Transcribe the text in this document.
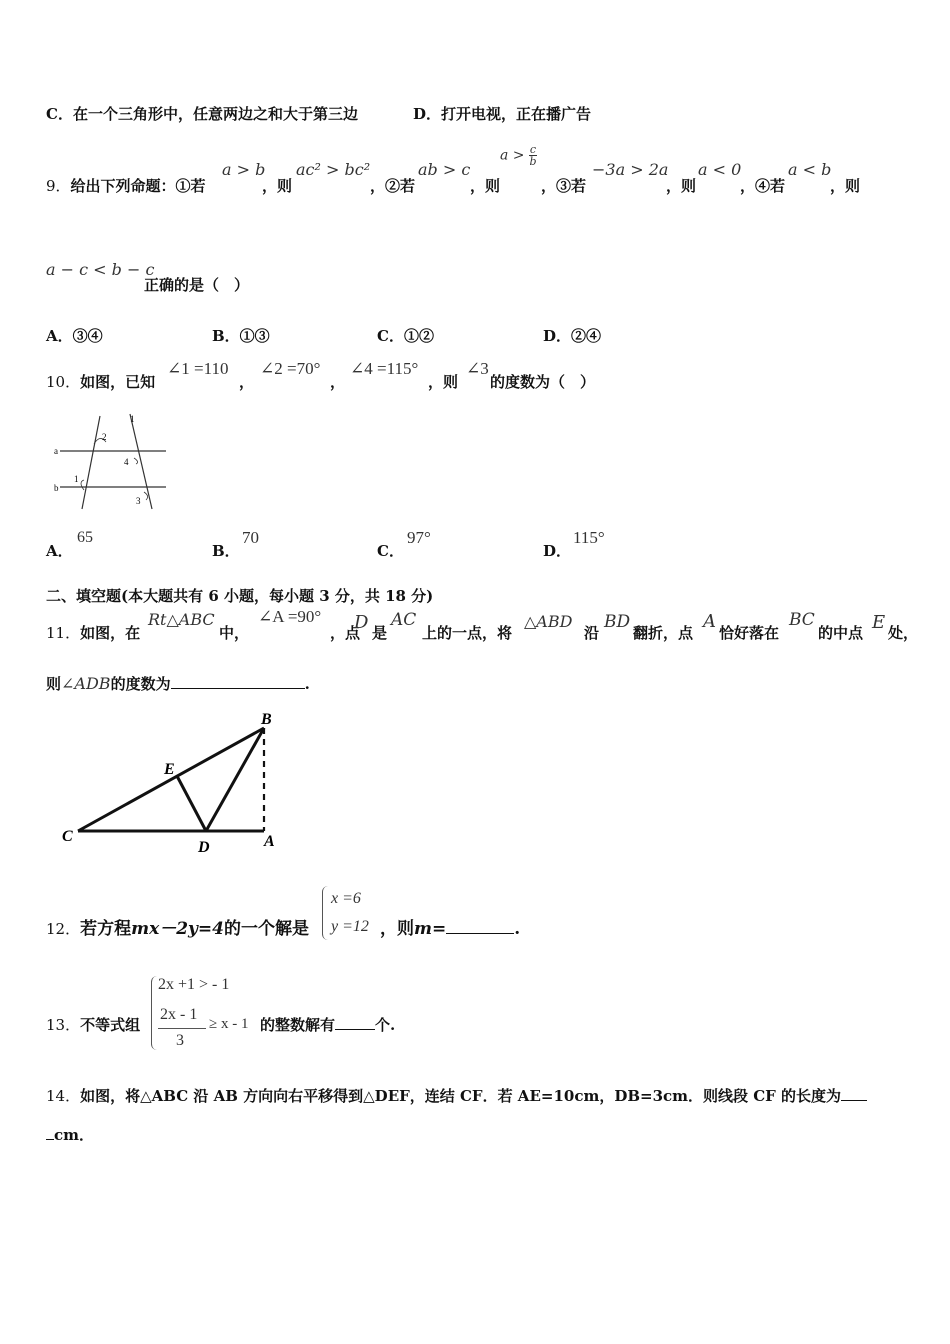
C．在一个三角形中，任意两边之和大于第三边	D．打开电视，正在播广告
9．给出下列命题：①若
a > b
，则
ac² > bc²
，②若
ab > c
，则
$a > \frac{c}{b}$
，③若
−3a > 2a
，则
a < 0
，④若
a < b
，则
a − c < b − c
正确的是（　）
A．③④	B．①③	C．①②	D．②④
10．如图，已知
∠1 =110
，
∠2 =70°
，
∠4 =115°
，则
∠3
的度数为（　）
a
b
2
1
4
3
1
A．
65
B．
70
C．
97°
D．
115°
二、填空题(本大题共有 6 小题，每小题 3 分，共 18 分)
11．如图，在
Rt△ABC
中，
∠A =90°
，点
D 是
AC
上的一点，将
△ABD
沿
BD
翻折，点
A
恰好落在
BC
的中点 E 处，
则∠ADB的度数为	.
B
E
C
D	A
12．若方程mx－2y=4的一个解是
x =6
y =12 ，则m=	.
13．不等式组
2x +1 > - 1
2x - 1
3
≥ x - 1 的整数解有	个.
14．如图，将△ABC 沿 AB 方向向右平移得到△DEF，连结 CF．若 AE=10cm，DB=3cm．则线段 CF 的长度为
cm．
